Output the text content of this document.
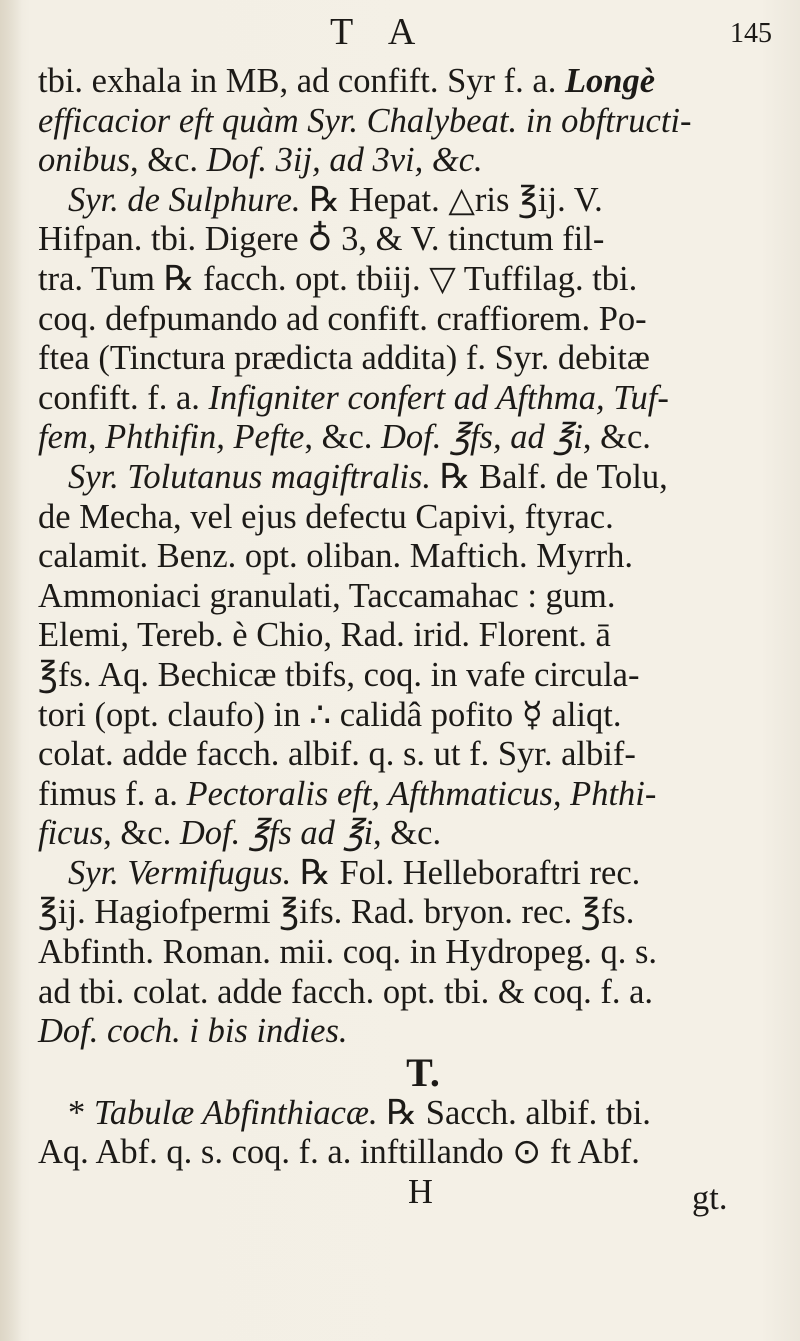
T A	145
tbi. exhala in MB, ad confift. Syr f. a. Longè
efficacior eft quàm Syr. Chalybeat. in obftructi-
onibus, &c. Dof. 3ij, ad 3vi, &c.
Syr. de Sulphure. ℞ Hepat. △ris ℥ij. V.
Hifpan. tbi. Digere ♁ 3, & V. tinctum fil-
tra. Tum ℞ facch. opt. tbiij. ▽ Tuffilag. tbi.
coq. defpumando ad confift. craffiorem. Po-
ftea (Tinctura prædicta addita) f. Syr. debitæ
confift. f. a. Infigniter confert ad Afthma, Tuf-
fem, Phthifin, Pefte, &c. Dof. ℥fs, ad ℥i, &c.
Syr. Tolutanus magiftralis. ℞ Balf. de Tolu,
de Mecha, vel ejus defectu Capivi, ftyrac.
calamit. Benz. opt. oliban. Maftich. Myrrh.
Ammoniaci granulati, Taccamahac : gum.
Elemi, Tereb. è Chio, Rad. irid. Florent. ā
℥fs. Aq. Bechicæ tbifs, coq. in vafe circula-
tori (opt. claufo) in ∴ calidâ pofito ☿ aliqt.
colat. adde facch. albif. q. s. ut f. Syr. albif-
fimus f. a. Pectoralis eft, Afthmaticus, Phthi-
ficus, &c. Dof. ℥fs ad ℥i, &c.
Syr. Vermifugus. ℞ Fol. Helleboraftri rec.
℥ij. Hagiofpermi ℥ifs. Rad. bryon. rec. ℥fs.
Abfinth. Roman. mii. coq. in Hydropeg. q. s.
ad tbi. colat. adde facch. opt. tbi. & coq. f. a.
Dof. coch. i bis indies.
T.
* Tabulæ Abfinthiacæ. ℞ Sacch. albif. tbi.
Aq. Abf. q. s. coq. f. a. inftillando ⊙ ft Abf.
H	gt.
